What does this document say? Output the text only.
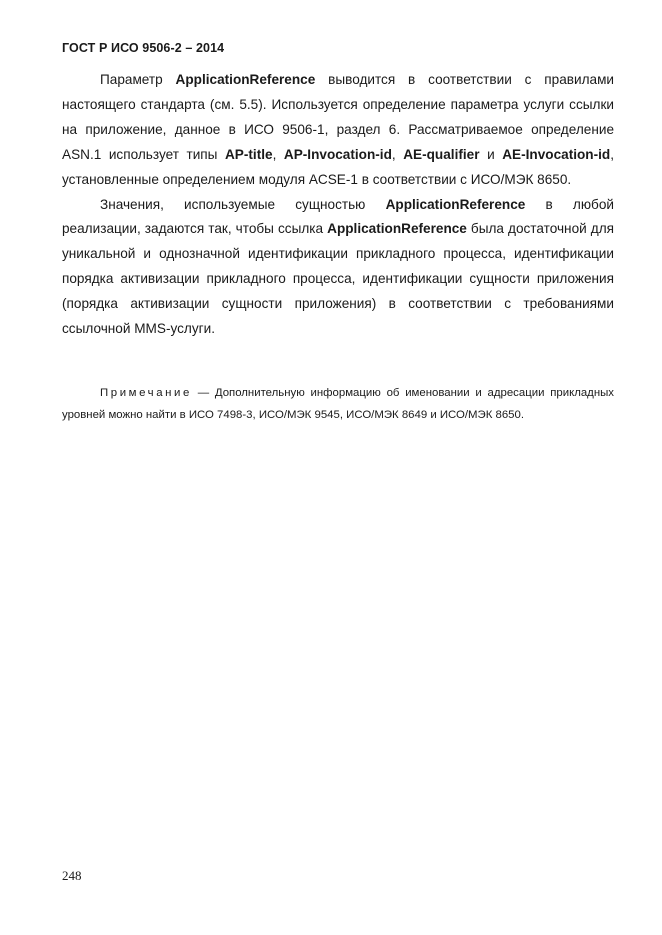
ГОСТ Р ИСО 9506-2 – 2014

Параметр ApplicationReference выводится в соответствии с правилами настоящего стандарта (см. 5.5). Используется определение параметра услуги ссылки на приложение, данное в ИСО 9506-1, раздел 6. Рассматриваемое определение ASN.1 использует типы AP-title, AP-Invocation-id, AE-qualifier и AE-Invocation-id, установленные определением модуля ACSE-1 в соответствии с ИСО/МЭК 8650.

Значения, используемые сущностью ApplicationReference в любой реализации, задаются так, чтобы ссылка ApplicationReference была достаточной для уникальной и однозначной идентификации прикладного процесса, идентификации порядка активизации прикладного процесса, идентификации сущности приложения (порядка активизации сущности приложения) в соответствии с требованиями ссылочной MMS-услуги.

Примечание — Дополнительную информацию об именовании и адресации прикладных уровней можно найти в ИСО 7498-3, ИСО/МЭК 9545, ИСО/МЭК 8649 и ИСО/МЭК 8650.
248
